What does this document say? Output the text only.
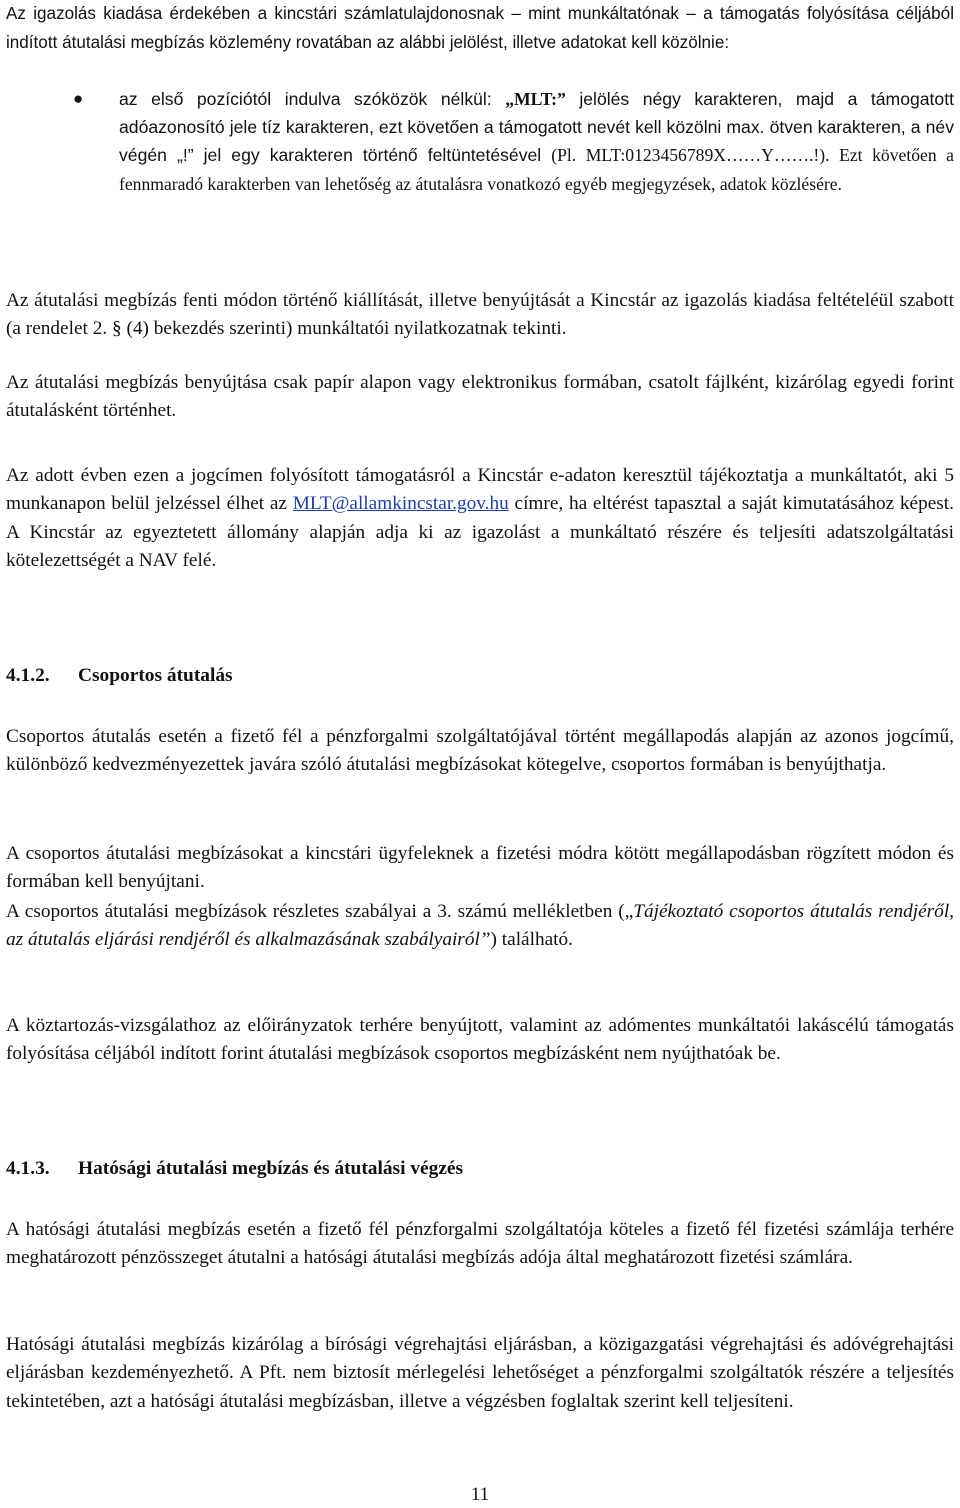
Az igazolás kiadása érdekében a kincstári számlatulajdonosnak – mint munkáltatónak – a támogatás folyósítása céljából indított átutalási megbízás közlemény rovatában az alábbi jelölést, illetve adatokat kell közölnie:

● az első pozíciótól indulva szóközök nélkül: „MLT:” jelölés négy karakteren, majd a támogatott adóazonosító jele tíz karakteren, ezt követően a támogatott nevét kell közölni max. ötven karakteren, a név végén „!” jel egy karakteren történő feltüntetésével (Pl. MLT:0123456789X……Y…….!). Ezt követően a fennmaradó karakterben van lehetőség az átutalásra vonatkozó egyéb megjegyzések, adatok közlésére.

Az átutalási megbízás fenti módon történő kiállítását, illetve benyújtását a Kincstár az igazolás kiadása feltételéül szabott (a rendelet 2. § (4) bekezdés szerinti) munkáltatói nyilatkozatnak tekinti.

Az átutalási megbízás benyújtása csak papír alapon vagy elektronikus formában, csatolt fájlként, kizárólag egyedi forint átutalásként történhet.

Az adott évben ezen a jogcímen folyósított támogatásról a Kincstár e-adaton keresztül tájékoztatja a munkáltatót, aki 5 munkanapon belül jelzéssel élhet az MLT@allamkincstar.gov.hu címre, ha eltérést tapasztal a saját kimutatásához képest. A Kincstár az egyeztetett állomány alapján adja ki az igazolást a munkáltató részére és teljesíti adatszolgáltatási kötelezettségét a NAV felé.

4.1.2. Csoportos átutalás

Csoportos átutalás esetén a fizető fél a pénzforgalmi szolgáltatójával történt megállapodás alapján az azonos jogcímű, különböző kedvezményezettek javára szóló átutalási megbízásokat kötegelve, csoportos formában is benyújthatja.

A csoportos átutalási megbízásokat a kincstári ügyfeleknek a fizetési módra kötött megállapodásban rögzített módon és formában kell benyújtani.

A csoportos átutalási megbízások részletes szabályai a 3. számú mellékletben („Tájékoztató csoportos átutalás rendjéről, az átutalás eljárási rendjéről és alkalmazásának szabályairól”) található.

A köztartozás-vizsgálathoz az előirányzatok terhére benyújtott, valamint az adómentes munkáltatói lakáscélú támogatás folyósítása céljából indított forint átutalási megbízások csoportos megbízásként nem nyújthatóak be.

4.1.3. Hatósági átutalási megbízás és átutalási végzés

A hatósági átutalási megbízás esetén a fizető fél pénzforgalmi szolgáltatója köteles a fizető fél fizetési számlája terhére meghatározott pénzösszeget átutalni a hatósági átutalási megbízás adója által meghatározott fizetési számlára.

Hatósági átutalási megbízás kizárólag a bírósági végrehajtási eljárásban, a közigazgatási végrehajtási és adóvégrehajtási eljárásban kezdeményezhető. A Pft. nem biztosít mérlegelési lehetőséget a pénzforgalmi szolgáltatók részére a teljesítés tekintetében, azt a hatósági átutalási megbízásban, illetve a végzésben foglaltak szerint kell teljesíteni.

11
